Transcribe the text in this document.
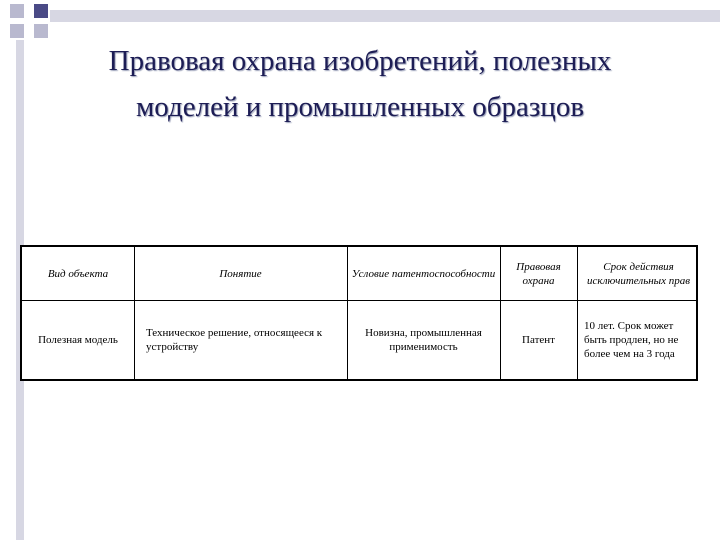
Правовая охрана изобретений, полезных
моделей и промышленных образцов
Вид объекта	Понятие	Условие патентоспособности
Правовая охрана
Срок действия исключительных прав
Полезная модель
Техническое решение, относящееся к устройству
Новизна, промышленная применимость
Патент
10 лет. Срок может быть продлен, но не более чем на 3 года
